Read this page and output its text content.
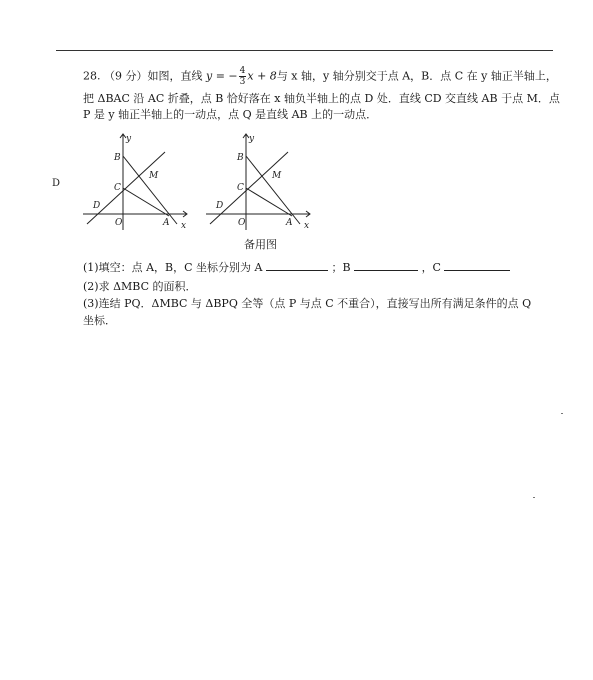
28. （9 分）如图，直线 y = − $\frac{4}{3}$ x + 8与 x 轴，y 轴分别交于点 A，B．点 C 在 y 轴正半轴上，
把 ΔBAC 沿 AC 折叠，点 B 恰好落在 x 轴负半轴上的点 D 处．直线 CD 交直线 AB 于点 M．点
P 是 y 轴正半轴上的一动点，点 Q 是直线 AB 上的一动点．
D
y
x
B
C
M
D
O	A
y
x
B
C
M
D
O	A
备用图
(1)填空：点 A，B，C 坐标分别为 A	；B	，C
(2)求 ΔMBC 的面积．
(3)连结 PQ．ΔMBC 与 ΔBPQ 全等（点 P 与点 C 不重合），直接写出所有满足条件的点 Q
坐标．
